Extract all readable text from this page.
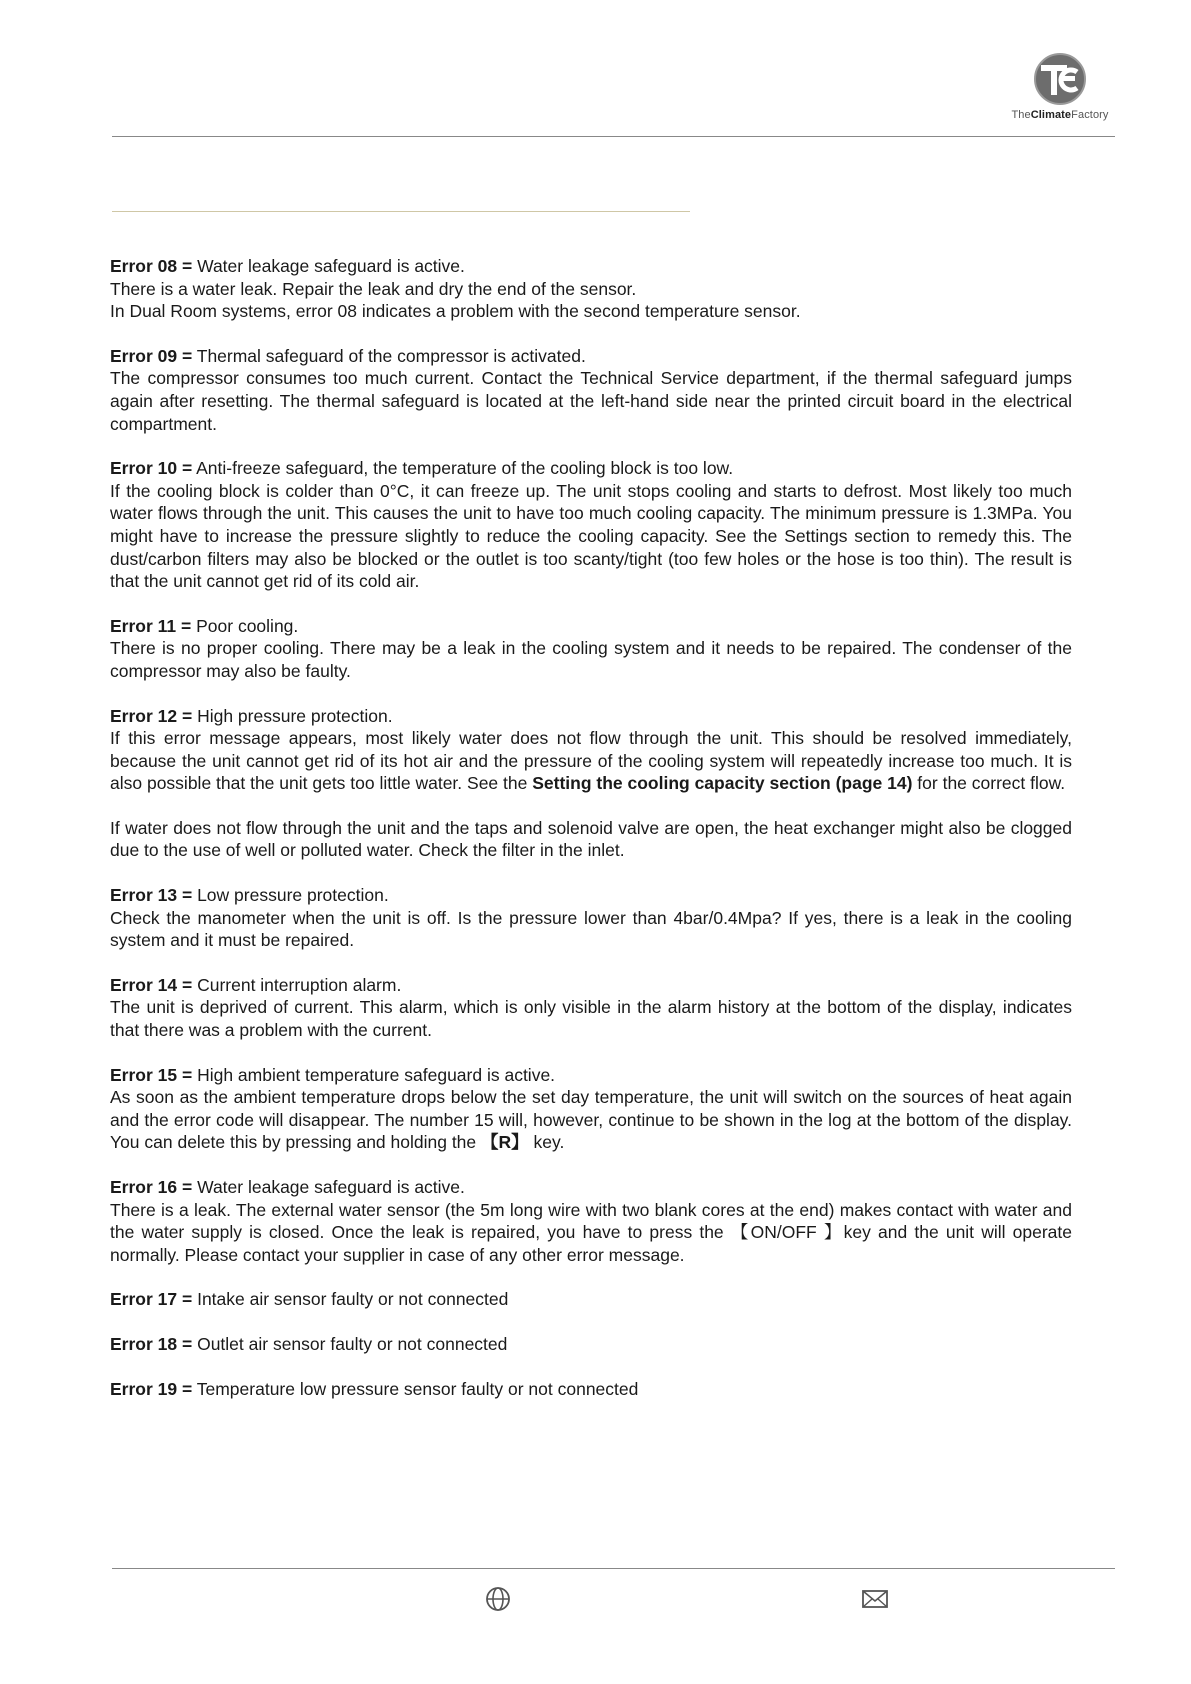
TheClimateFactory

Error 08 = Water leakage safeguard is active.

There is a water leak. Repair the leak and dry the end of the sensor.

In Dual Room systems, error 08 indicates a problem with the second temperature sensor.

Error 09 = Thermal safeguard of the compressor is activated.

The compressor consumes too much current. Contact the Technical Service department, if the thermal safeguard jumps again after resetting. The thermal safeguard is located at the left-hand side near the printed circuit board in the electrical compartment.

Error 10 = Anti-freeze safeguard, the temperature of the cooling block is too low.

If the cooling block is colder than 0°C, it can freeze up. The unit stops cooling and starts to defrost. Most likely too much water flows through the unit. This causes the unit to have too much cooling capacity. The minimum pressure is 1.3MPa. You might have to increase the pressure slightly to reduce the cooling capacity. See the Settings section to remedy this. The dust/carbon filters may also be blocked or the outlet is too scanty/tight (too few holes or the hose is too thin). The result is that the unit cannot get rid of its cold air.

Error 11 = Poor cooling.

There is no proper cooling. There may be a leak in the cooling system and it needs to be repaired. The condenser of the compressor may also be faulty.

Error 12 = High pressure protection.

If this error message appears, most likely water does not flow through the unit. This should be resolved immediately, because the unit cannot get rid of its hot air and the pressure of the cooling system will repeatedly increase too much. It is also possible that the unit gets too little water. See the Setting the cooling capacity section (page 14) for the correct flow.

If water does not flow through the unit and the taps and solenoid valve are open, the heat exchanger might also be clogged due to the use of well or polluted water. Check the filter in the inlet.

Error 13 = Low pressure protection.

Check the manometer when the unit is off. Is the pressure lower than 4bar/0.4Mpa? If yes, there is a leak in the cooling system and it must be repaired.

Error 14 = Current interruption alarm.

The unit is deprived of current. This alarm, which is only visible in the alarm history at the bottom of the display, indicates that there was a problem with the current.

Error 15 = High ambient temperature safeguard is active.

As soon as the ambient temperature drops below the set day temperature, the unit will switch on the sources of heat again and the error code will disappear. The number 15 will, however, continue to be shown in the log at the bottom of the display. You can delete this by pressing and holding the 【R】 key.

Error 16 = Water leakage safeguard is active.

There is a leak. The external water sensor (the 5m long wire with two blank cores at the end) makes contact with water and the water supply is closed. Once the leak is repaired, you have to press the 【ON/OFF 】key and the unit will operate normally. Please contact your supplier in case of any other error message.

Error 17 = Intake air sensor faulty or not connected

Error 18 = Outlet air sensor faulty or not connected

Error 19 = Temperature low pressure sensor faulty or not connected
